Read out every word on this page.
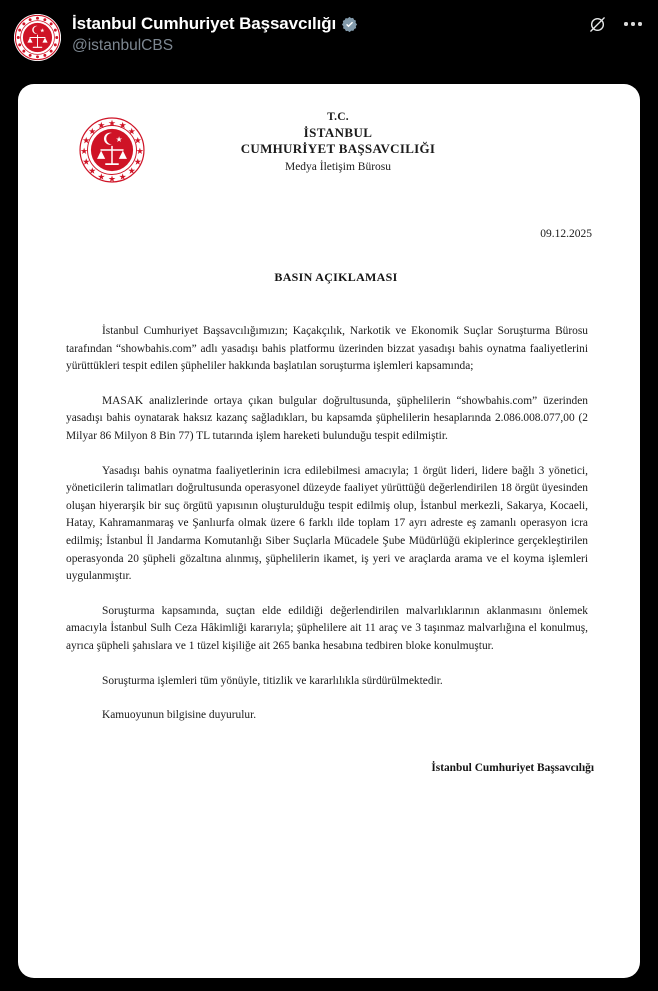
İstanbul Cumhuriyet Başsavcılığı
@istanbulCBS
T.C.
İSTANBUL
CUMHURİYET BAŞSAVCILIĞI
Medya İletişim Bürosu
09.12.2025
BASIN AÇIKLAMASI

İstanbul Cumhuriyet Başsavcılığımızın; Kaçakçılık, Narkotik ve Ekonomik Suçlar Soruşturma Bürosu tarafından “showbahis.com” adlı yasadışı bahis platformu üzerinden bizzat yasadışı bahis oynatma faaliyetlerini yürüttükleri tespit edilen şüpheliler hakkında başlatılan soruşturma işlemleri kapsamında;

MASAK analizlerinde ortaya çıkan bulgular doğrultusunda, şüphelilerin “showbahis.com” üzerinden yasadışı bahis oynatarak haksız kazanç sağladıkları, bu kapsamda şüphelilerin hesaplarında 2.086.008.077,00 (2 Milyar 86 Milyon 8 Bin 77) TL tutarında işlem hareketi bulunduğu tespit edilmiştir.

Yasadışı bahis oynatma faaliyetlerinin icra edilebilmesi amacıyla; 1 örgüt lideri, lidere bağlı 3 yönetici, yöneticilerin talimatları doğrultusunda operasyonel düzeyde faaliyet yürüttüğü değerlendirilen 18 örgüt üyesinden oluşan hiyerarşik bir suç örgütü yapısının oluşturulduğu tespit edilmiş olup, İstanbul merkezli, Sakarya, Kocaeli, Hatay, Kahramanmaraş ve Şanlıurfa olmak üzere 6 farklı ilde toplam 17 ayrı adreste eş zamanlı operasyon icra edilmiş; İstanbul İl Jandarma Komutanlığı Siber Suçlarla Mücadele Şube Müdürlüğü ekiplerince gerçekleştirilen operasyonda 20 şüpheli gözaltına alınmış, şüphelilerin ikamet, iş yeri ve araçlarda arama ve el koyma işlemleri uygulanmıştır.

Soruşturma kapsamında, suçtan elde edildiği değerlendirilen malvarlıklarının aklanmasını önlemek amacıyla İstanbul Sulh Ceza Hâkimliği kararıyla; şüphelilere ait 11 araç ve 3 taşınmaz malvarlığına el konulmuş, ayrıca şüpheli şahıslara ve 1 tüzel kişiliğe ait 265 banka hesabına tedbiren bloke konulmuştur.

Soruşturma işlemleri tüm yönüyle, titizlik ve kararlılıkla sürdürülmektedir.

Kamuoyunun bilgisine duyurulur.

İstanbul Cumhuriyet Başsavcılığı
